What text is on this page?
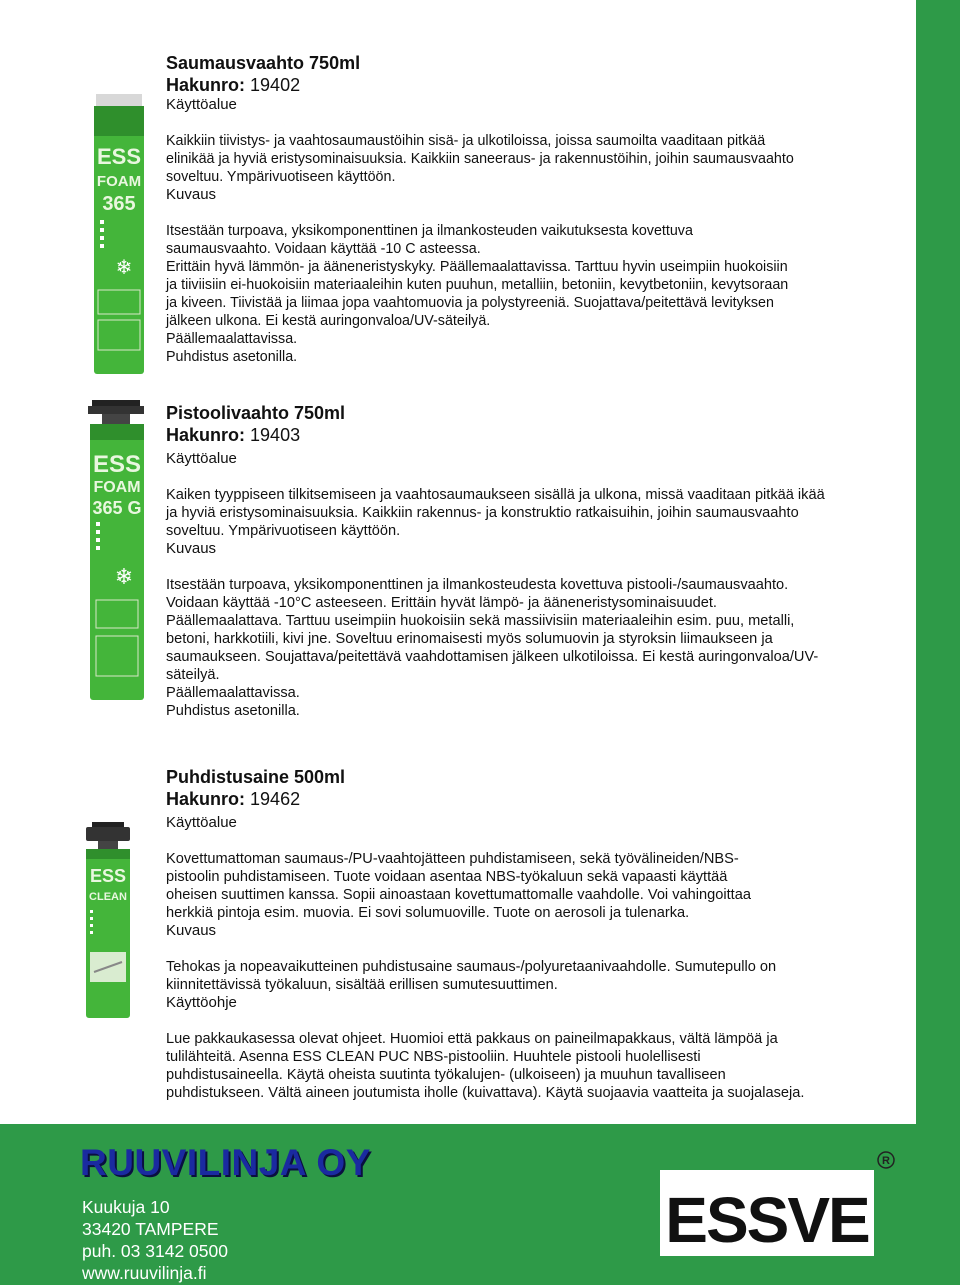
ESS
FOAM
365
❄
Saumausvaahto 750ml
Hakunro: 19402
Käyttöalue

Kaikkiin tiivistys- ja vaahtosaumaustöihin sisä- ja ulkotiloissa, joissa saumoilta vaaditaan pitkää

elinikää ja hyviä eristysominaisuuksia. Kaikkiin saneeraus- ja rakennustöihin, joihin saumausvaahto

soveltuu. Ympärivuotiseen käyttöön.

Kuvaus

Itsestään turpoava, yksikomponenttinen ja ilmankosteuden vaikutuksesta kovettuva

saumausvaahto. Voidaan käyttää -10 C asteessa.

Erittäin hyvä lämmön- ja ääneneristyskyky. Päällemaalattavissa. Tarttuu hyvin useimpiin huokoisiin

ja tiiviisiin ei-huokoisiin materiaaleihin kuten puuhun, metalliin, betoniin, kevytbetoniin, kevytsoraan

ja kiveen. Tiivistää ja liimaa jopa vaahtomuovia ja polystyreeniä. Suojattava/peitettävä levityksen

jälkeen ulkona. Ei kestä auringonvaloa/UV-säteilyä.

Päällemaalattavissa.

Puhdistus asetonilla.

ESS
FOAM
365 G
❄
Pistoolivaahto 750ml
Hakunro: 19403
Käyttöalue

Kaiken tyyppiseen tilkitsemiseen ja vaahtosaumaukseen sisällä ja ulkona, missä vaaditaan pitkää ikää

ja hyviä eristysominaisuuksia. Kaikkiin rakennus- ja konstruktio ratkaisuihin, joihin saumausvaahto

soveltuu. Ympärivuotiseen käyttöön.

Kuvaus

Itsestään turpoava, yksikomponenttinen ja ilmankosteudesta kovettuva pistooli-/saumausvaahto.

Voidaan käyttää -10°C asteeseen. Erittäin hyvät lämpö- ja ääneneristysominaisuudet.

Päällemaalattava. Tarttuu useimpiin huokoisiin sekä massiivisiin materiaaleihin esim. puu, metalli,

betoni, harkkotiili, kivi jne. Soveltuu erinomaisesti myös solumuovin ja styroksin liimaukseen ja

saumaukseen. Soujattava/peitettävä vaahdottamisen jälkeen ulkotiloissa. Ei kestä auringonvaloa/UV-

säteilyä.

Päällemaalattavissa.

Puhdistus asetonilla.

ESS
CLEAN
Puhdistusaine 500ml
Hakunro: 19462
Käyttöalue

Kovettumattoman saumaus-/PU-vaahtojätteen puhdistamiseen, sekä työvälineiden/NBS-

pistoolin puhdistamiseen. Tuote voidaan asentaa NBS-työkaluun sekä vapaasti käyttää

oheisen suuttimen kanssa. Sopii ainoastaan kovettumattomalle vaahdolle. Voi vahingoittaa

herkkiä pintoja esim. muovia. Ei sovi solumuoville. Tuote on aerosoli ja tulenarka.

Kuvaus

Tehokas ja nopeavaikutteinen puhdistusaine saumaus-/polyuretaanivaahdolle. Sumutepullo on

kiinnitettävissä työkaluun, sisältää erillisen sumutesuuttimen.

Käyttöohje

Lue pakkaukasessa olevat ohjeet. Huomioi että pakkaus on paineilmapakkaus, vältä lämpöä ja

tulilähteitä. Asenna ESS CLEAN PUC NBS-pistooliin. Huuhtele pistooli huolellisesti

puhdistusaineella. Käytä oheista suutinta työkalujen- (ulkoiseen) ja muuhun tavalliseen

puhdistukseen. Vältä aineen joutumista iholle (kuivattava). Käytä suojaavia vaatteita ja suojalaseja.

RUUVILINJA OY
Kuukuja 10
33420 TAMPERE
puh. 03 3142 0500
www.ruuvilinja.fi
ESSVE
R
